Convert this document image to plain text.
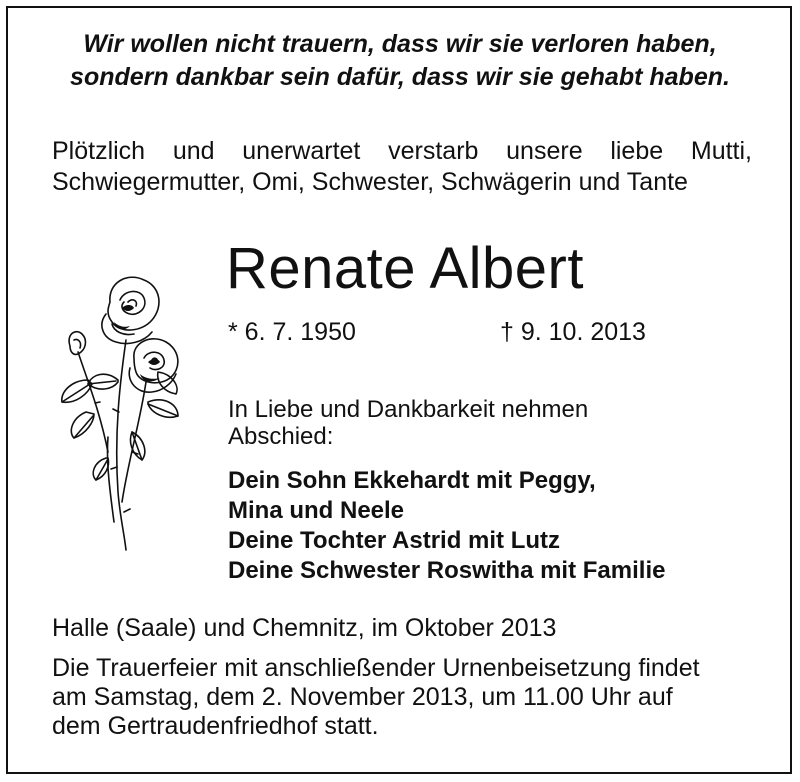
Wir wollen nicht trauern, dass wir sie verloren haben,
sondern dankbar sein dafür, dass wir sie gehabt haben.
Plötzlich und unerwartet verstarb unsere liebe Mutti,
Schwiegermutter, Omi, Schwester, Schwägerin und Tante
Renate Albert
* 6. 7. 1950	† 9. 10. 2013
In Liebe und Dankbarkeit nehmen
Abschied:
Dein Sohn Ekkehardt mit Peggy,
Mina und Neele
Deine Tochter Astrid mit Lutz
Deine Schwester Roswitha mit Familie
Halle (Saale) und Chemnitz, im Oktober 2013
Die Trauerfeier mit anschließender Urnenbeisetzung findet
am Samstag, dem 2. November 2013, um 11.00 Uhr auf
dem Gertraudenfriedhof statt.
